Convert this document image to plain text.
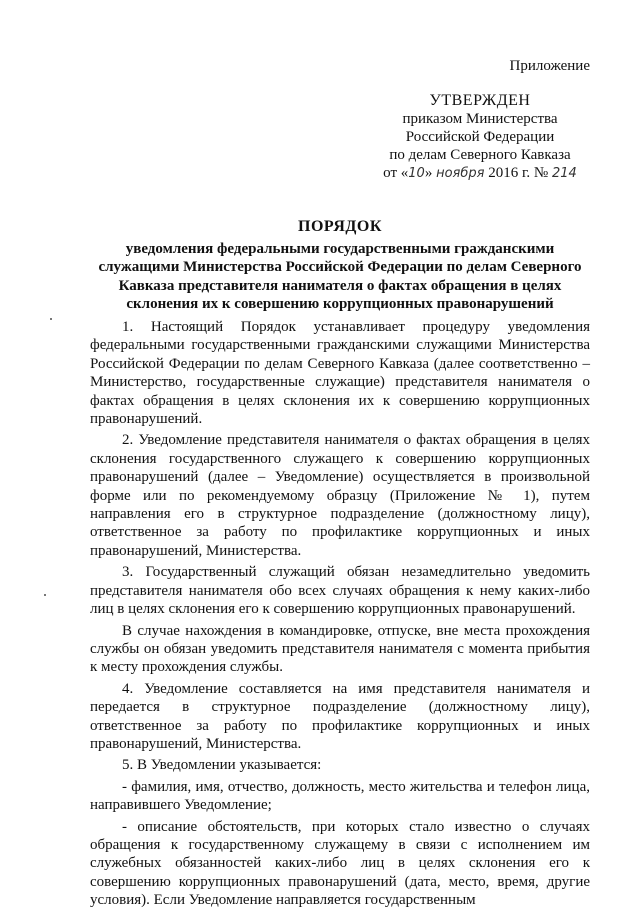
Приложение
УТВЕРЖДЕН
приказом Министерства
Российской Федерации
по делам Северного Кавказа
от «10» ноября 2016 г. № 214
ПОРЯДОК
уведомления федеральными государственными гражданскими служащими Министерства Российской Федерации по делам Северного Кавказа представителя нанимателя о фактах обращения в целях склонения их к совершению коррупционных правонарушений

1. Настоящий Порядок устанавливает процедуру уведомления федеральными государственными гражданскими служащими Министерства Российской Федерации по делам Северного Кавказа (далее соответственно – Министерство, государственные служащие) представителя нанимателя о фактах обращения в целях склонения их к совершению коррупционных правонарушений.

2. Уведомление представителя нанимателя о фактах обращения в целях склонения государственного служащего к совершению коррупционных правонарушений (далее – Уведомление) осуществляется в произвольной форме или по рекомендуемому образцу (Приложение № 1), путем направления его в структурное подразделение (должностному лицу), ответственное за работу по профилактике коррупционных и иных правонарушений, Министерства.

3. Государственный служащий обязан незамедлительно уведомить представителя нанимателя обо всех случаях обращения к нему каких-либо лиц в целях склонения его к совершению коррупционных правонарушений.

В случае нахождения в командировке, отпуске, вне места прохождения службы он обязан уведомить представителя нанимателя с момента прибытия к месту прохождения службы.

4. Уведомление составляется на имя представителя нанимателя и передается в структурное подразделение (должностному лицу), ответственное за работу по профилактике коррупционных и иных правонарушений, Министерства.

5. В Уведомлении указывается:

- фамилия, имя, отчество, должность, место жительства и телефон лица, направившего Уведомление;

- описание обстоятельств, при которых стало известно о случаях обращения к государственному служащему в связи с исполнением им служебных обязанностей каких-либо лиц в целях склонения его к совершению коррупционных правонарушений (дата, место, время, другие условия). Если Уведомление направляется государственным
